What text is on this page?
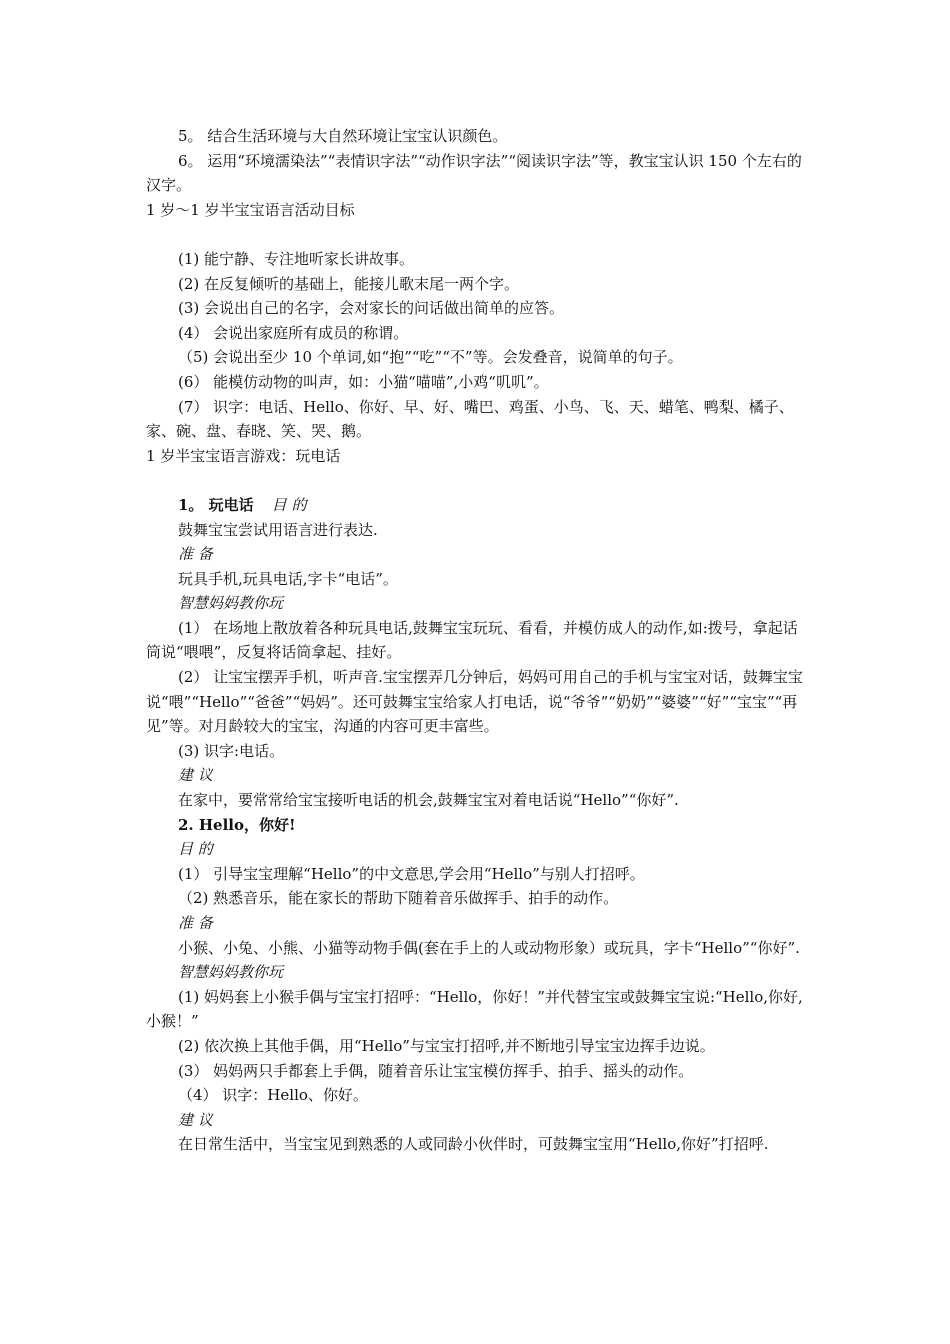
5。 结合生活环境与大自然环境让宝宝认识颜色。

6。 运用“环境濡染法”“表情识字法”“动作识字法”“阅读识字法”等，教宝宝认识 150 个左右的汉字。

1 岁～1 岁半宝宝语言活动目标

(1) 能宁静、专注地听家长讲故事。

(2) 在反复倾听的基础上，能接儿歌末尾一两个字。

(3) 会说出自己的名字，会对家长的问话做出简单的应答。

(4） 会说出家庭所有成员的称谓。

（5) 会说出至少 10 个单词,如“抱”“吃”“不”等。会发叠音，说简单的句子。

(6） 能模仿动物的叫声，如：小猫“喵喵”,小鸡“叽叽”。

(7） 识字：电话、Hello、你好、早、好、嘴巴、鸡蛋、小鸟、飞、天、蜡笔、鸭梨、橘子、家、碗、盘、春晓、笑、哭、鹅。

1 岁半宝宝语言游戏：玩电话

1。 玩电话 目 的

鼓舞宝宝尝试用语言进行表达.

准 备

玩具手机,玩具电话,字卡“电话”。

智慧妈妈教你玩

(1） 在场地上散放着各种玩具电话,鼓舞宝宝玩玩、看看，并模仿成人的动作,如:拨号，拿起话筒说“喂喂”，反复将话筒拿起、挂好。

(2） 让宝宝摆弄手机，听声音.宝宝摆弄几分钟后，妈妈可用自己的手机与宝宝对话，鼓舞宝宝说“喂”“Hello”“爸爸”“妈妈”。还可鼓舞宝宝给家人打电话，说“爷爷”“奶奶”“婆婆”“好”“宝宝”“再见”等。对月龄较大的宝宝，沟通的内容可更丰富些。

(3) 识字:电话。

建 议

在家中，要常常给宝宝接听电话的机会,鼓舞宝宝对着电话说“Hello”“你好”.

2. Hello，你好!

目 的

(1） 引导宝宝理解“Hello”的中文意思,学会用“Hello”与别人打招呼。

（2) 熟悉音乐，能在家长的帮助下随着音乐做挥手、拍手的动作。

准 备

小猴、小兔、小熊、小猫等动物手偶(套在手上的人或动物形象）或玩具，字卡“Hello”“你好”.

智慧妈妈教你玩

(1) 妈妈套上小猴手偶与宝宝打招呼：“Hello，你好！”并代替宝宝或鼓舞宝宝说:“Hello,你好,小猴！”

(2) 依次换上其他手偶，用“Hello”与宝宝打招呼,并不断地引导宝宝边挥手边说。

(3） 妈妈两只手都套上手偶，随着音乐让宝宝模仿挥手、拍手、摇头的动作。

（4） 识字：Hello、你好。

建 议

在日常生活中，当宝宝见到熟悉的人或同龄小伙伴时，可鼓舞宝宝用“Hello,你好”打招呼.
